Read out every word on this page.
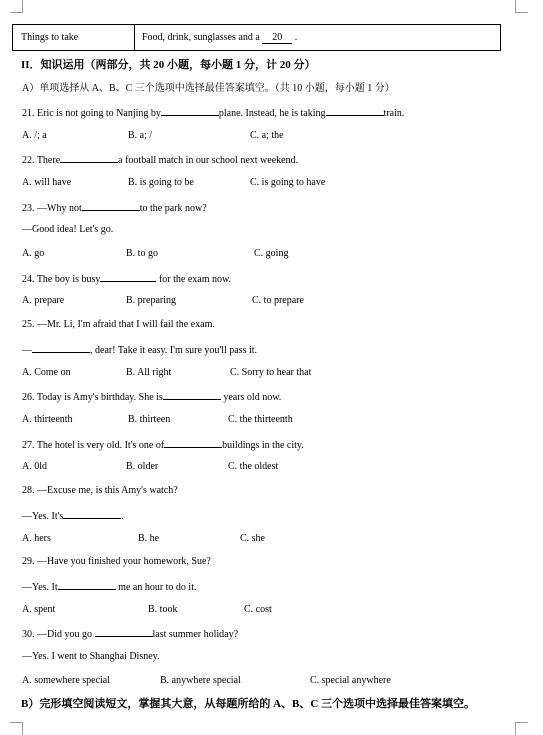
Things to take	Food, drink, sunglasses and a 20 .
II．知识运用（两部分，共 20 小题，每小题 1 分，计 20 分）
A）单项选择从 A、B、C 三个选项中选择最佳答案填空。（共 10 小题，每小题 1 分）
21. Eric is not going to Nanjing by	plane. Instead, he is taking	train.
A. /; a	B. a; /	C. a; the
22. There	a football match in our school next weekend.
A. will have	B. is going to be	C. is going to have
23. —Why not	to the park now?
—Good idea! Let's go.
A. go	B. to go	C. going
24. The boy is busy	for the exam now.
A. prepare	B. preparing	C. to prepare
25. —Mr. Li, I'm afraid that I will fail the exam.
—	, dear! Take it easy. I'm sure you'll pass it.
A. Come on	B. All right	C. Sorry to hear that
26. Today is Amy's birthday. She is	years old now.
A. thirteenth	B. thirteen	C. the thirteenth
27. The hotel is very old. It's one of	buildings in the city.
A. 0ld	B. older	C. the oldest
28. —Excuse me, is this Amy's watch?
—Yes. It's	.
A. hers	B. he	C. she
29. —Have you finished your homework, Sue?
—Yes. It	me an hour to do it.
A. spent	B. took	C. cost
30. —Did you go	last summer holiday?
—Yes. I went to Shanghai Disney.
A. somewhere special	B. anywhere special	C. special anywhere
B）完形填空阅读短文，掌握其大意，从每题所给的 A、B、C 三个选项中选择最佳答案填空。
